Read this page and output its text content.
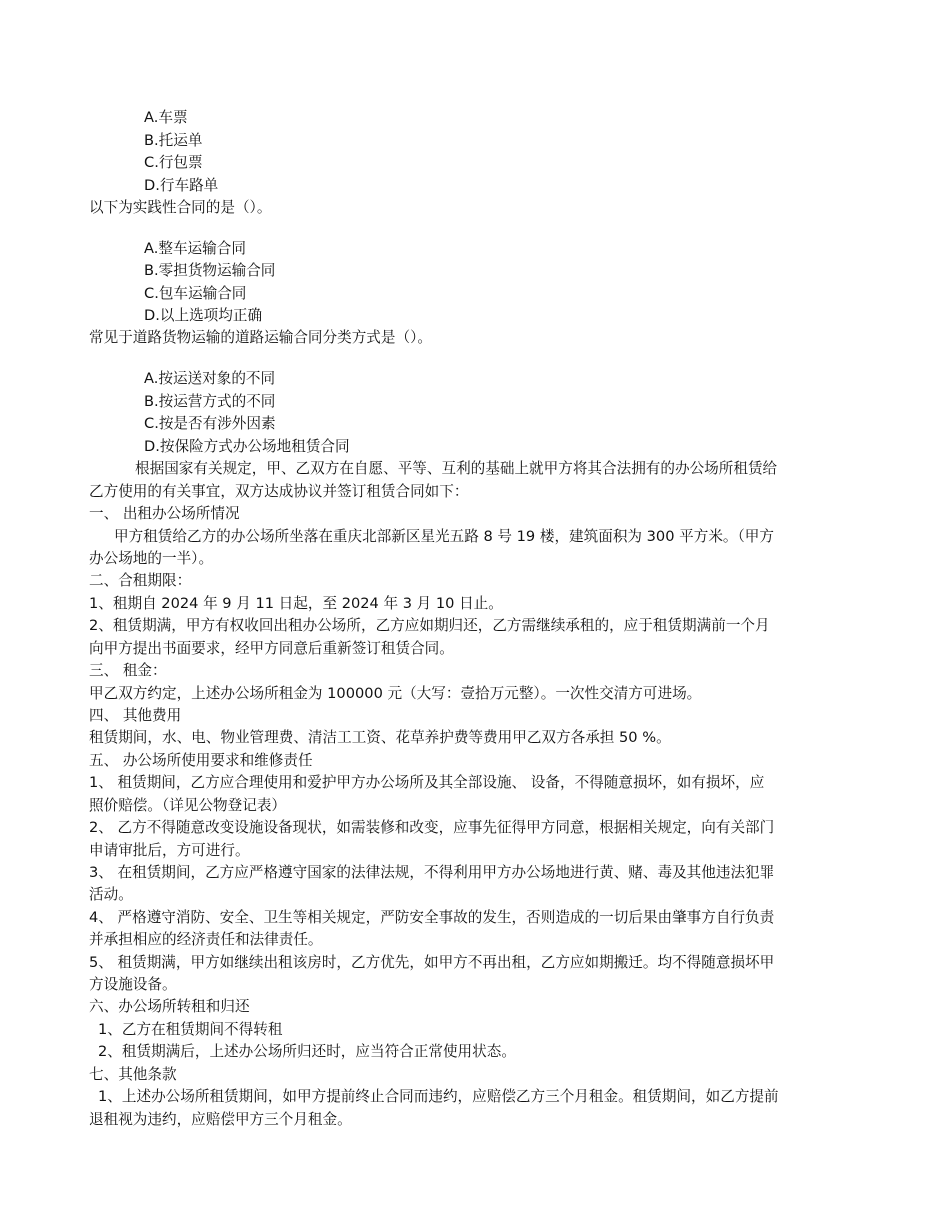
A.车票
B.托运单
C.行包票
D.行车路单
以下为实践性合同的是（）。
A.整车运输合同
B.零担货物运输合同
C.包车运输合同
D.以上选项均正确
常见于道路货物运输的道路运输合同分类方式是（）。
A.按运送对象的不同
B.按运营方式的不同
C.按是否有涉外因素
D.按保险方式办公场地租赁合同
根据国家有关规定，甲、乙双方在自愿、平等、互利的基础上就甲方将其合法拥有的办公场所租赁给
乙方使用的有关事宜，双方达成协议并签订租赁合同如下：
一、 出租办公场所情况
甲方租赁给乙方的办公场所坐落在重庆北部新区星光五路 8 号 19 楼，建筑面积为 300 平方米。（甲方
办公场地的一半）。
二、合租期限：
1、租期自 2024 年 9 月 11 日起，至 2024 年 3 月 10 日止。
2、租赁期满，甲方有权收回出租办公场所，乙方应如期归还，乙方需继续承租的，应于租赁期满前一个月
向甲方提出书面要求，经甲方同意后重新签订租赁合同。
三、 租金：
甲乙双方约定，上述办公场所租金为 100000 元（大写：壹拾万元整）。一次性交清方可进场。
四、 其他费用
租赁期间，水、电、物业管理费、清洁工工资、花草养护费等费用甲乙双方各承担 50 %。
五、 办公场所使用要求和维修责任
1、 租赁期间，乙方应合理使用和爱护甲方办公场所及其全部设施、 设备，不得随意损坏，如有损坏，应
照价赔偿。（详见公物登记表）
2、 乙方不得随意改变设施设备现状，如需装修和改变，应事先征得甲方同意，根据相关规定，向有关部门
申请审批后，方可进行。
3、 在租赁期间，乙方应严格遵守国家的法律法规，不得利用甲方办公场地进行黄、赌、毒及其他违法犯罪
活动。
4、 严格遵守消防、安全、卫生等相关规定，严防安全事故的发生，否则造成的一切后果由肇事方自行负责
并承担相应的经济责任和法律责任。
5、 租赁期满，甲方如继续出租该房时，乙方优先，如甲方不再出租，乙方应如期搬迁。均不得随意损坏甲
方设施设备。
六、办公场所转租和归还
1、乙方在租赁期间不得转租
2、租赁期满后，上述办公场所归还时，应当符合正常使用状态。
七、其他条款
1、上述办公场所租赁期间，如甲方提前终止合同而违约，应赔偿乙方三个月租金。租赁期间，如乙方提前
退租视为违约，应赔偿甲方三个月租金。
